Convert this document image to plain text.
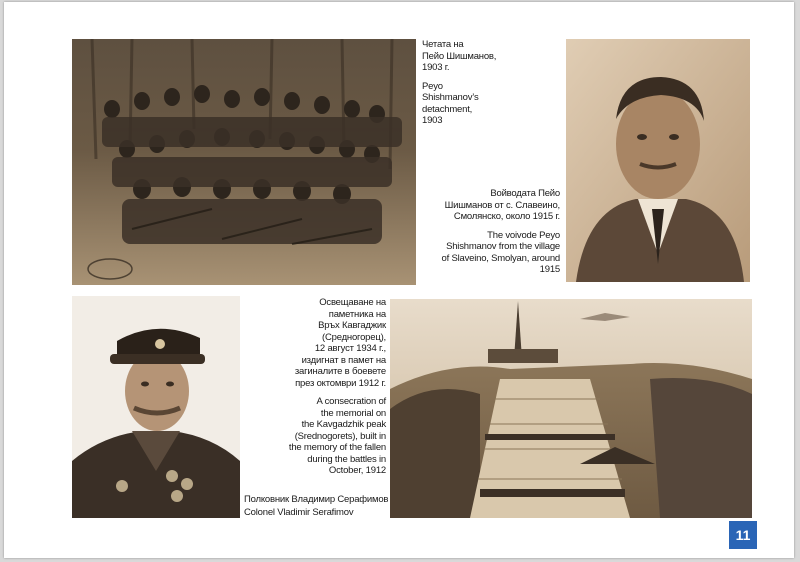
Четата на
Пейо Шишманов,
1903 г.

Peyo
Shishmanov’s
detachment,
1903

Войводата Пейо
Шишманов от с. Славеино,
Смолянско, около 1915 г.

The voivode Peyo
Shishmanov from the village
of Slaveino, Smolyan, around
1915

Освещаване на
паметника на
Връх Кавгаджик
(Средногорец),
12 август 1934 г.,
издигнат в памет на
загиналите в боевете
през октомври 1912 г.

A consecration of
the memorial on
the Kavgadzhik peak
(Srednogorets), built in
the memory of the fallen
during the battles in
October, 1912

Полковник Владимир Серафимов

Colonel Vladimir Serafimov

11
